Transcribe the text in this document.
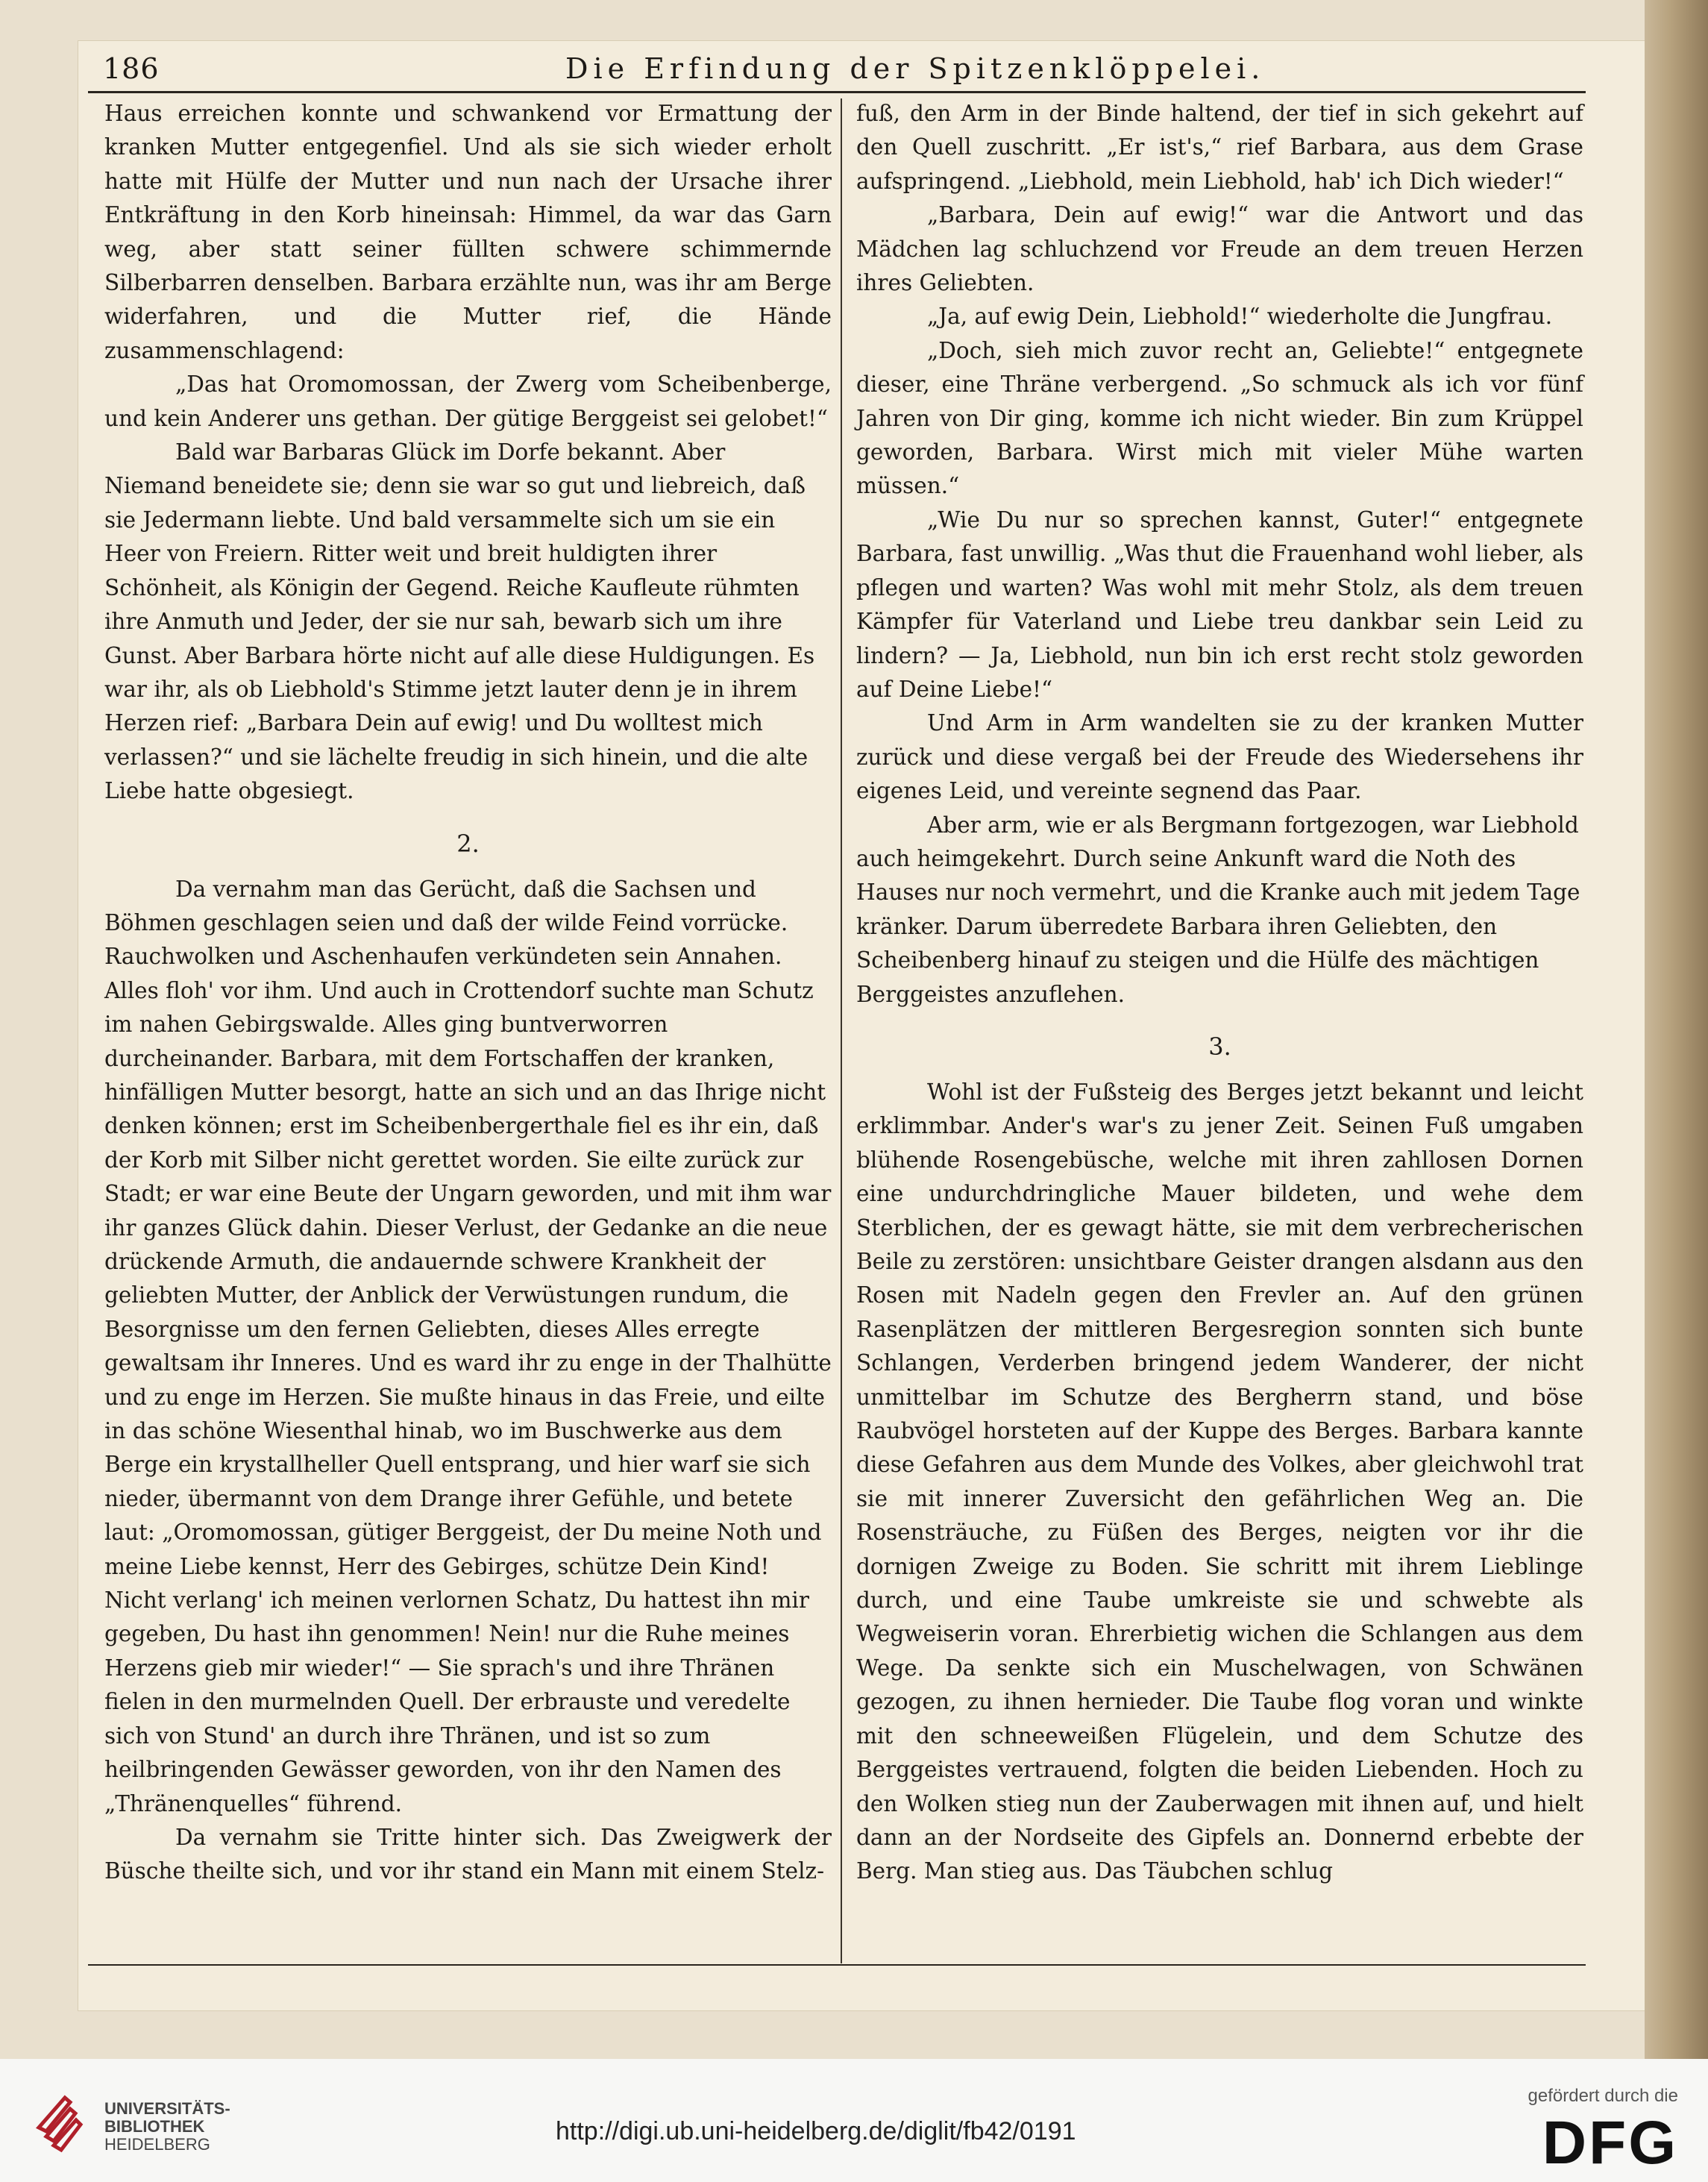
186	Die Erfindung der Spitzenklöppelei.

Haus erreichen konnte und schwankend vor Ermattung der kranken Mutter entgegenfiel. Und als sie sich wieder erholt hatte mit Hülfe der Mutter und nun nach der Ursache ihrer Entkräftung in den Korb hineinsah: Himmel, da war das Garn weg, aber statt seiner füllten schwere schimmernde Silberbarren denselben. Barbara erzählte nun, was ihr am Berge widerfahren, und die Mutter rief, die Hände zusammenschlagend:

„Das hat Oromomossan, der Zwerg vom Scheibenberge, und kein Anderer uns gethan. Der gütige Berggeist sei gelobet!“

Bald war Barbaras Glück im Dorfe bekannt. Aber Niemand beneidete sie; denn sie war so gut und liebreich, daß sie Jedermann liebte. Und bald versammelte sich um sie ein Heer von Freiern. Ritter weit und breit huldigten ihrer Schönheit, als Königin der Gegend. Reiche Kaufleute rühmten ihre Anmuth und Jeder, der sie nur sah, bewarb sich um ihre Gunst. Aber Barbara hörte nicht auf alle diese Huldigungen. Es war ihr, als ob Liebhold's Stimme jetzt lauter denn je in ihrem Herzen rief: „Barbara Dein auf ewig! und Du wolltest mich verlassen?“ und sie lächelte freudig in sich hinein, und die alte Liebe hatte obgesiegt.

2.

Da vernahm man das Gerücht, daß die Sachsen und Böhmen geschlagen seien und daß der wilde Feind vorrücke. Rauchwolken und Aschenhaufen verkündeten sein Annahen. Alles floh' vor ihm. Und auch in Crottendorf suchte man Schutz im nahen Gebirgswalde. Alles ging buntverworren durcheinander. Barbara, mit dem Fortschaffen der kranken, hinfälligen Mutter besorgt, hatte an sich und an das Ihrige nicht denken können; erst im Scheibenbergerthale fiel es ihr ein, daß der Korb mit Silber nicht gerettet worden. Sie eilte zurück zur Stadt; er war eine Beute der Ungarn geworden, und mit ihm war ihr ganzes Glück dahin. Dieser Verlust, der Gedanke an die neue drückende Armuth, die andauernde schwere Krankheit der geliebten Mutter, der Anblick der Verwüstungen rundum, die Besorgnisse um den fernen Geliebten, dieses Alles erregte gewaltsam ihr Inneres. Und es ward ihr zu enge in der Thalhütte und zu enge im Herzen. Sie mußte hinaus in das Freie, und eilte in das schöne Wiesenthal hinab, wo im Buschwerke aus dem Berge ein krystallheller Quell entsprang, und hier warf sie sich nieder, übermannt von dem Drange ihrer Gefühle, und betete laut: „Oromomossan, gütiger Berggeist, der Du meine Noth und meine Liebe kennst, Herr des Gebirges, schütze Dein Kind! Nicht verlang' ich meinen verlornen Schatz, Du hattest ihn mir gegeben, Du hast ihn genommen! Nein! nur die Ruhe meines Herzens gieb mir wieder!“ — Sie sprach's und ihre Thränen fielen in den murmelnden Quell. Der erbrauste und veredelte sich von Stund' an durch ihre Thränen, und ist so zum heilbringenden Gewässer geworden, von ihr den Namen des „Thränenquelles“ führend.

Da vernahm sie Tritte hinter sich. Das Zweigwerk der Büsche theilte sich, und vor ihr stand ein Mann mit einem Stelz-

fuß, den Arm in der Binde haltend, der tief in sich gekehrt auf den Quell zuschritt. „Er ist's,“ rief Barbara, aus dem Grase aufspringend. „Liebhold, mein Liebhold, hab' ich Dich wieder!“

„Barbara, Dein auf ewig!“ war die Antwort und das Mädchen lag schluchzend vor Freude an dem treuen Herzen ihres Geliebten.

„Ja, auf ewig Dein, Liebhold!“ wiederholte die Jungfrau.

„Doch, sieh mich zuvor recht an, Geliebte!“ entgegnete dieser, eine Thräne verbergend. „So schmuck als ich vor fünf Jahren von Dir ging, komme ich nicht wieder. Bin zum Krüppel geworden, Barbara. Wirst mich mit vieler Mühe warten müssen.“

„Wie Du nur so sprechen kannst, Guter!“ entgegnete Barbara, fast unwillig. „Was thut die Frauenhand wohl lieber, als pflegen und warten? Was wohl mit mehr Stolz, als dem treuen Kämpfer für Vaterland und Liebe treu dankbar sein Leid zu lindern? — Ja, Liebhold, nun bin ich erst recht stolz geworden auf Deine Liebe!“

Und Arm in Arm wandelten sie zu der kranken Mutter zurück und diese vergaß bei der Freude des Wiedersehens ihr eigenes Leid, und vereinte segnend das Paar.

Aber arm, wie er als Bergmann fortgezogen, war Liebhold auch heimgekehrt. Durch seine Ankunft ward die Noth des Hauses nur noch vermehrt, und die Kranke auch mit jedem Tage kränker. Darum überredete Barbara ihren Geliebten, den Scheibenberg hinauf zu steigen und die Hülfe des mächtigen Berggeistes anzuflehen.

3.

Wohl ist der Fußsteig des Berges jetzt bekannt und leicht erklimmbar. Ander's war's zu jener Zeit. Seinen Fuß umgaben blühende Rosengebüsche, welche mit ihren zahllosen Dornen eine undurchdringliche Mauer bildeten, und wehe dem Sterblichen, der es gewagt hätte, sie mit dem verbrecherischen Beile zu zerstören: unsichtbare Geister drangen alsdann aus den Rosen mit Nadeln gegen den Frevler an. Auf den grünen Rasenplätzen der mittleren Bergesregion sonnten sich bunte Schlangen, Verderben bringend jedem Wanderer, der nicht unmittelbar im Schutze des Bergherrn stand, und böse Raubvögel horsteten auf der Kuppe des Berges. Barbara kannte diese Gefahren aus dem Munde des Volkes, aber gleichwohl trat sie mit innerer Zuversicht den gefährlichen Weg an. Die Rosensträuche, zu Füßen des Berges, neigten vor ihr die dornigen Zweige zu Boden. Sie schritt mit ihrem Lieblinge durch, und eine Taube umkreiste sie und schwebte als Wegweiserin voran. Ehrerbietig wichen die Schlangen aus dem Wege. Da senkte sich ein Muschelwagen, von Schwänen gezogen, zu ihnen hernieder. Die Taube flog voran und winkte mit den schneeweißen Flügelein, und dem Schutze des Berggeistes vertrauend, folgten die beiden Liebenden. Hoch zu den Wolken stieg nun der Zauberwagen mit ihnen auf, und hielt dann an der Nordseite des Gipfels an. Donnernd erbebte der Berg. Man stieg aus. Das Täubchen schlug

UNIVERSITÄTS-
BIBLIOTHEK
HEIDELBERG	http://digi.ub.uni-heidelberg.de/diglit/fb42/0191
gefördert durch die
DFG
